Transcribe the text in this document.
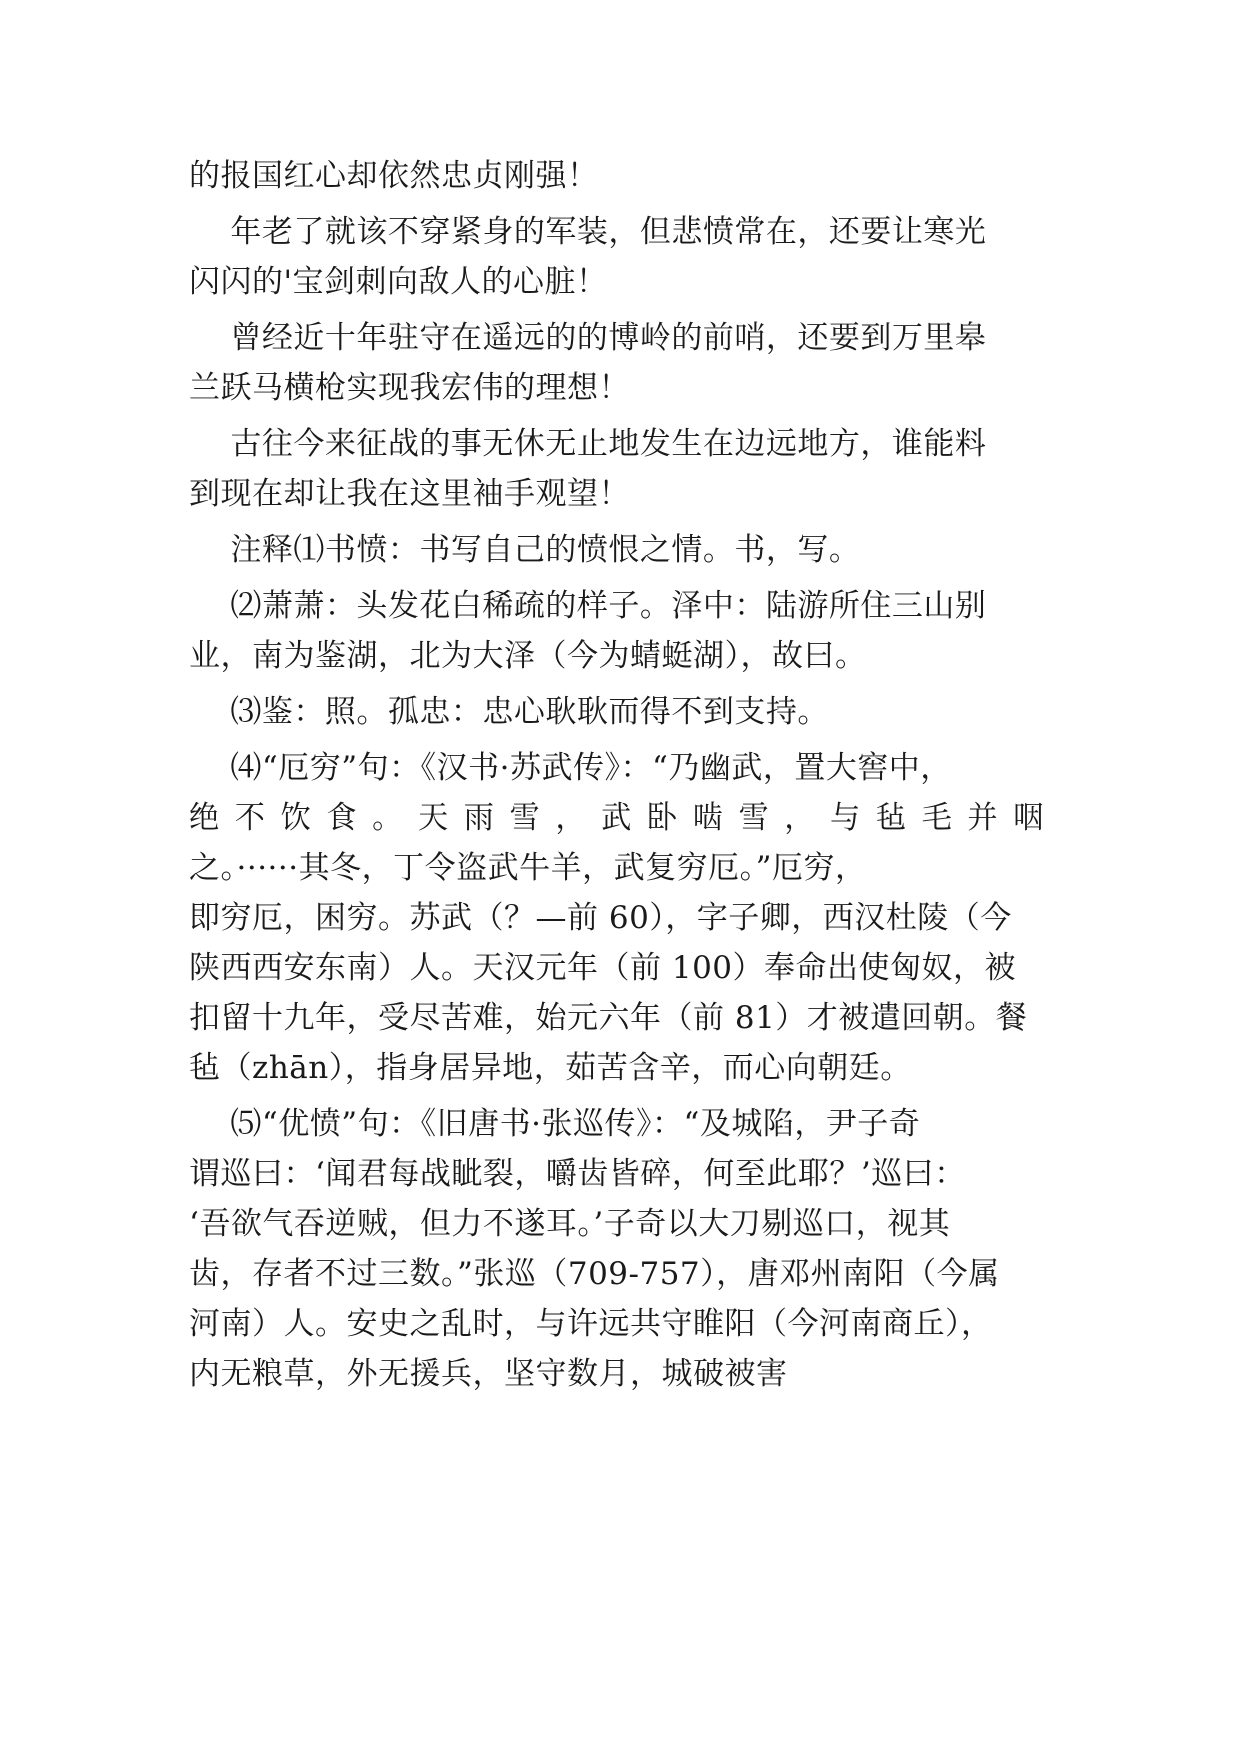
的报国红心却依然忠贞刚强！
年老了就该不穿紧身的军装，但悲愤常在，还要让寒光
闪闪的'宝剑刺向敌人的心脏！
曾经近十年驻守在遥远的的博岭的前哨，还要到万里皋
兰跃马横枪实现我宏伟的理想！
古往今来征战的事无休无止地发生在边远地方，谁能料
到现在却让我在这里袖手观望！
注释⑴书愤：书写自己的愤恨之情。书，写。
⑵萧萧：头发花白稀疏的样子。泽中：陆游所住三山别
业，南为鉴湖，北为大泽（今为蜻蜓湖），故曰。
⑶鉴：照。孤忠：忠心耿耿而得不到支持。
⑷“厄穷”句：《汉书·苏武传》：“乃幽武，置大窖中，
绝不饮食。天雨雪，武卧啮雪，与毡毛并咽
之。······其冬，丁令盗武牛羊，武复穷厄。”厄穷，
即穷厄，困穷。苏武（？—前 60），字子卿，西汉杜陵（今
陕西西安东南）人。天汉元年（前 100）奉命出使匈奴，被
扣留十九年，受尽苦难，始元六年（前 81）才被遣回朝。餐
毡（zhān），指身居异地，茹苦含辛，而心向朝廷。
⑸“优愤”句：《旧唐书·张巡传》：“及城陷，尹子奇
谓巡曰：‘闻君每战眦裂，嚼齿皆碎，何至此耶？’巡曰：
‘吾欲气吞逆贼，但力不遂耳。’子奇以大刀剔巡口，视其
齿，存者不过三数。”张巡（709-757），唐邓州南阳（今属
河南）人。安史之乱时，与许远共守睢阳（今河南商丘），
内无粮草，外无援兵，坚守数月，城破被害
